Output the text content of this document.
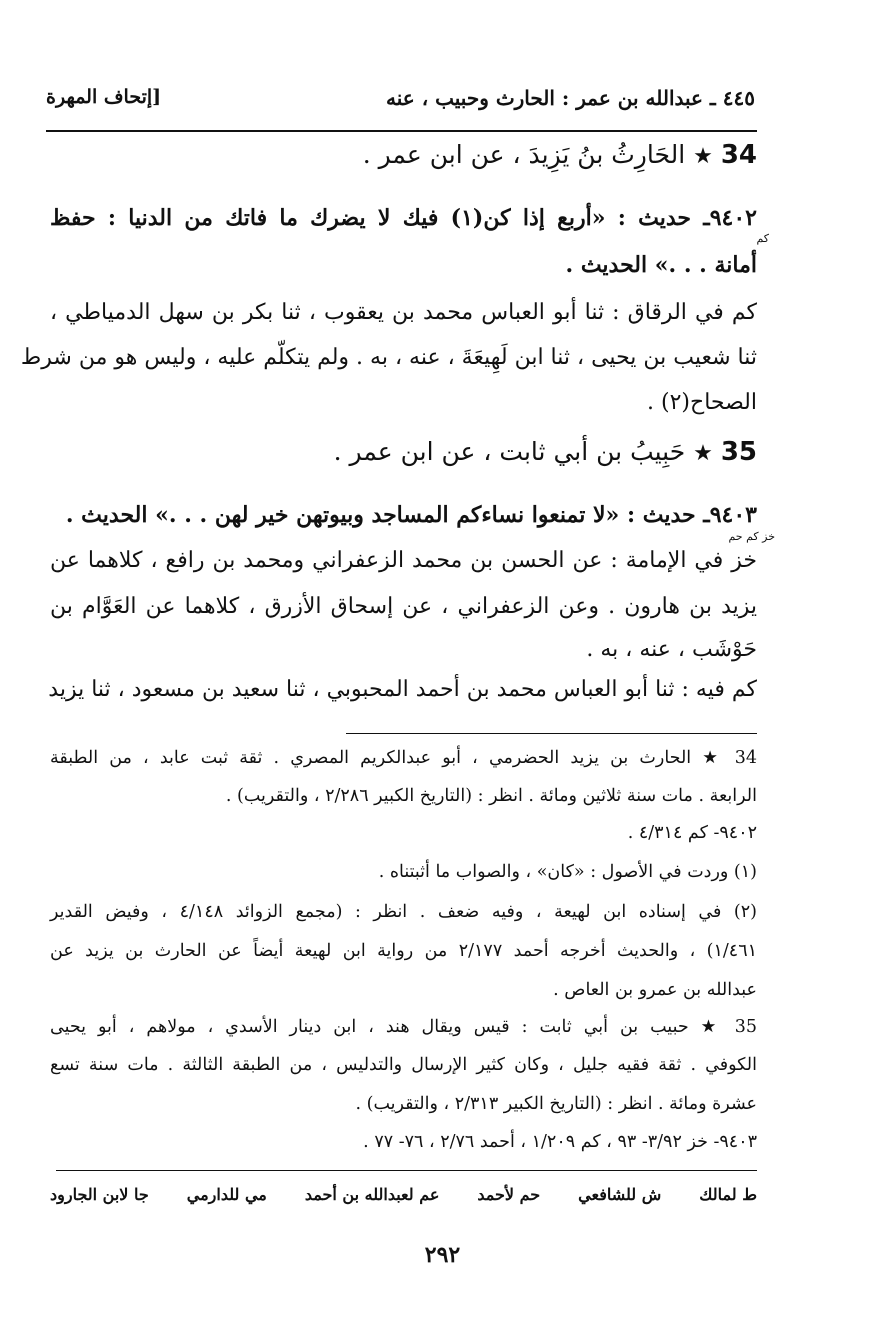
٤٤٥ ـ عبدالله بن عمر : الحارث وحبيب ، عنه
[إتحاف المهرة
34 ★ الحَارِثُ بنُ يَزِيدَ ، عن ابن عمر .
٩٤٠٢ـ حديث : «أربع إذا كن(١) فيك لا يضرك ما فاتك من الدنيا : حفظ
كم
أمانة . . .» الحديث .
كم في الرقاق : ثنا أبو العباس محمد بن يعقوب ، ثنا بكر بن سهل الدمياطي ،
ثنا شعيب بن يحيى ، ثنا ابن لَهِيعَةَ ، عنه ، به . ولم يتكلّم عليه ، وليس هو من شرط
الصحاح(٢) .
35 ★ حَبِيبُ بن أبي ثابت ، عن ابن عمر .
٩٤٠٣ـ حديث : «لا تمنعوا نساءكم المساجد وبيوتهن خير لهن . . .» الحديث .
خز كم حم
خز في الإمامة : عن الحسن بن محمد الزعفراني ومحمد بن رافع ، كلاهما عن
يزيد بن هارون . وعن الزعفراني ، عن إسحاق الأزرق ، كلاهما عن العَوَّام بن
حَوْشَب ، عنه ، به .
كم فيه : ثنا أبو العباس محمد بن أحمد المحبوبي ، ثنا سعيد بن مسعود ، ثنا يزيد
34 ★ الحارث بن يزيد الحضرمي ، أبو عبدالكريم المصري . ثقة ثبت عابد ، من الطبقة
الرابعة . مات سنة ثلاثين ومائة . انظر : (التاريخ الكبير ٢/٢٨٦ ، والتقريب) .
٩٤٠٢- كم ٤/٣١٤ .
(١) وردت في الأصول : «كان» ، والصواب ما أثبتناه .
(٢) في إسناده ابن لهيعة ، وفيه ضعف . انظر : (مجمع الزوائد ٤/١٤٨ ، وفيض القدير
١/٤٦١) ، والحديث أخرجه أحمد ٢/١٧٧ من رواية ابن لهيعة أيضاً عن الحارث بن يزيد عن
عبدالله بن عمرو بن العاص .
35 ★ حبيب بن أبي ثابت : قيس ويقال هند ، ابن دينار الأسدي ، مولاهم ، أبو يحيى
الكوفي . ثقة فقيه جليل ، وكان كثير الإرسال والتدليس ، من الطبقة الثالثة . مات سنة تسع
عشرة ومائة . انظر : (التاريخ الكبير ٢/٣١٣ ، والتقريب) .
٩٤٠٣- خز ٣/٩٢- ٩٣ ، كم ١/٢٠٩ ، أحمد ٢/٧٦ ، ٧٦- ٧٧ .
ط لمالك
ش للشافعي
حم لأحمد
عم لعبدالله بن أحمد
مي للدارمي
جا لابن الجارود
٢٩٢
